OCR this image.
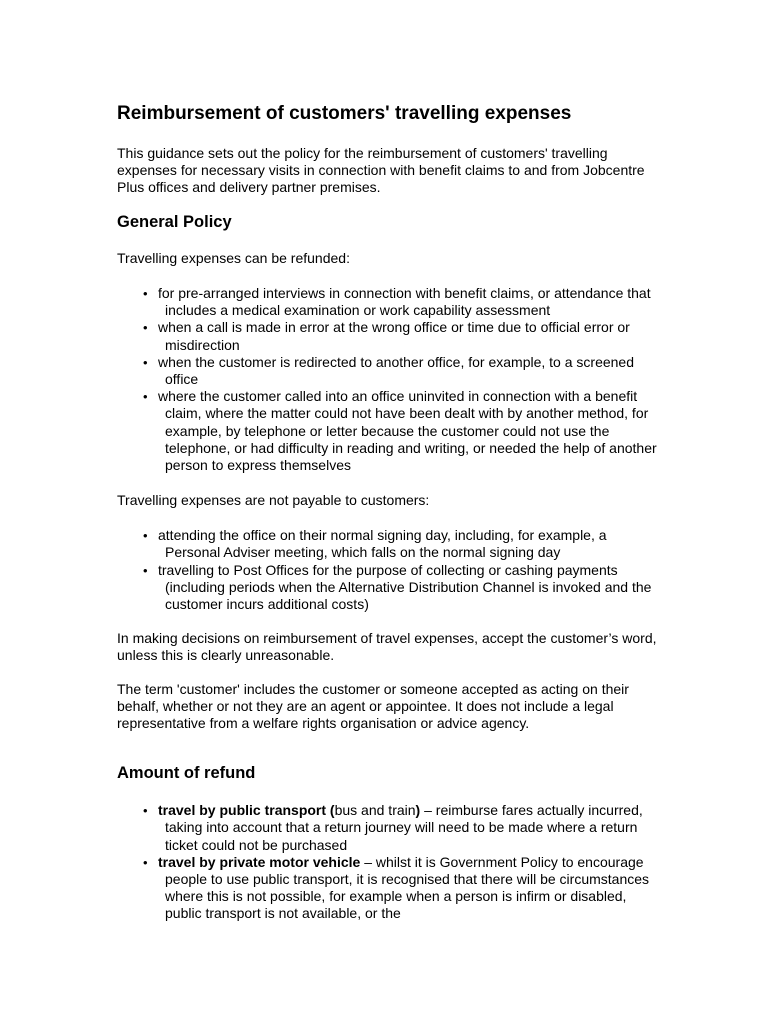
Reimbursement of customers' travelling expenses

This guidance sets out the policy for the reimbursement of customers' travelling expenses for necessary visits in connection with benefit claims to and from Jobcentre Plus offices and delivery partner premises.

General Policy

Travelling expenses can be refunded:

• for pre-arranged interviews in connection with benefit claims, or attendance that includes a medical examination or work capability assessment
• when a call is made in error at the wrong office or time due to official error or misdirection
• when the customer is redirected to another office, for example, to a screened office
• where the customer called into an office uninvited in connection with a benefit claim, where the matter could not have been dealt with by another method, for example, by telephone or letter because the customer could not use the telephone, or had difficulty in reading and writing, or needed the help of another person to express themselves

Travelling expenses are not payable to customers:

• attending the office on their normal signing day, including, for example, a Personal Adviser meeting, which falls on the normal signing day
• travelling to Post Offices for the purpose of collecting or cashing payments (including periods when the Alternative Distribution Channel is invoked and the customer incurs additional costs)

In making decisions on reimbursement of travel expenses, accept the customer’s word, unless this is clearly unreasonable.

The term 'customer' includes the customer or someone accepted as acting on their behalf, whether or not they are an agent or appointee. It does not include a legal representative from a welfare rights organisation or advice agency.

Amount of refund
• travel by public transport (bus and train) – reimburse fares actually incurred, taking into account that a return journey will need to be made where a return ticket could not be purchased
• travel by private motor vehicle – whilst it is Government Policy to encourage people to use public transport, it is recognised that there will be circumstances where this is not possible, for example when a person is infirm or disabled, public transport is not available, or the
